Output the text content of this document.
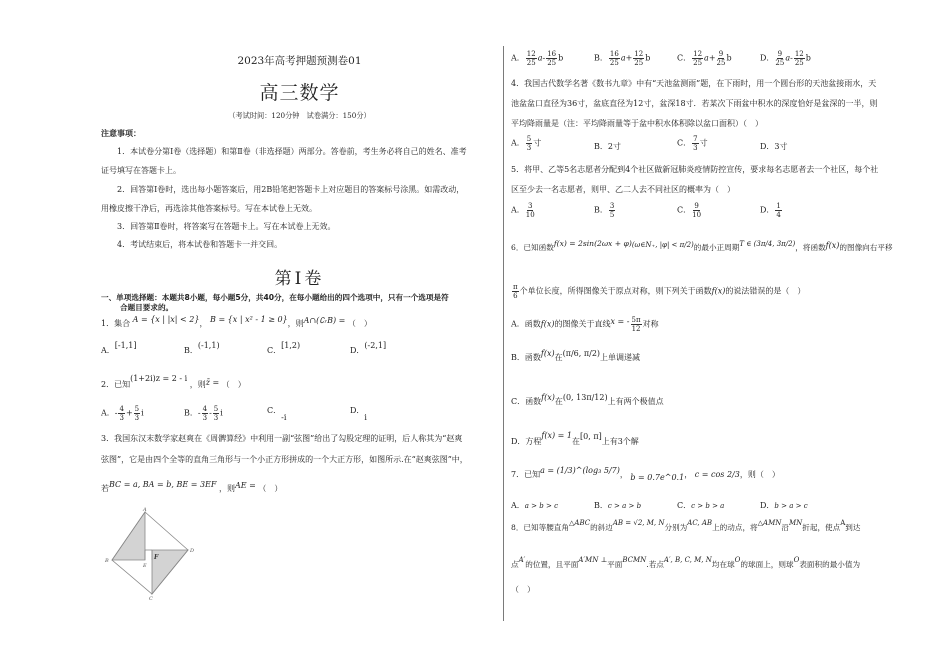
2023年高考押题预测卷01
高三数学
（考试时间：120分钟　试卷满分：150分）
注意事项：
1．本试卷分第Ⅰ卷（选择题）和第Ⅱ卷（非选择题）两部分。答卷前，考生务必将自己的姓名、准考
证号填写在答题卡上。
2．回答第Ⅰ卷时，选出每小题答案后，用2B铅笔把答题卡上对应题目的答案标号涂黑。如需改动，
用橡皮擦干净后，再选涂其他答案标号。写在本试卷上无效。
3．回答第Ⅱ卷时，将答案写在答题卡上。写在本试卷上无效。
4．考试结束后，将本试卷和答题卡一并交回。
第Ⅰ卷
一、单项选择题：本题共8小题，每小题5分，共40分，在每小题给出的四个选项中，只有一个选项是符
合题目要求的。
1．集合 A = {x | |x| < 2}， B = {x | x² - 1 ≥ 0}，则A∩(∁ᵣB) = （　）
A．[-1,1]
B．(-1,1)
C．[1,2)
D．(-2,1]
2．已知(1+2i)z = 2 - i ，则z̄ = （　）
A．- $\frac{4}{3} + \frac{5}{3}$ i	B．- $\frac{4}{3} - \frac{5}{3}$ i	C．-i
D．i
3．我国东汉末数学家赵爽在《周髀算经》中利用一副“弦图”给出了勾股定理的证明，后人称其为“赵爽
弦图”，它是由四个全等的直角三角形与一个小正方形拼成的一个大正方形，如图所示.在“赵爽弦图”中，
若BC = a, BA = b, BE = 3EF ，则AE = （　）
A
B
C
D
E
F
A． $\frac{12}{25} a- \frac{16}{25}$ b	B． $\frac{16}{25} a+ \frac{12}{25}$ b	C． $\frac{12}{25} a+ \frac{9}{25}$ b	D． $\frac{9}{25} a- \frac{12}{25}$ b
4．我国古代数学名著《数书九章》中有“天池盆测雨”题，在下雨时，用一个圆台形的天池盆接雨水，天
池盆盆口直径为36寸，盆底直径为12寸，盆深18寸．若某次下雨盆中积水的深度恰好是盆深的一半，则
平均降雨量是（注：平均降雨量等于盆中积水体积除以盆口面积）（　）
A． $\frac{5}{3}$ 寸	B．2寸	C． $\frac{7}{3}$ 寸	D．3寸
5．将甲、乙等5名志愿者分配到4个社区做新冠肺炎疫情防控宣传，要求每名志愿者去一个社区，每个社
区至少去一名志愿者，则甲、乙二人去不同社区的概率为（　）
A． $\frac{3}{10}$	B． $\frac{3}{5}$	C． $\frac{9}{10}$	D． $\frac{1}{4}$
6．已知函数f(x) = 2sin(2ωx + φ)(ω∈N₊, |φ| < π/2)的最小正周期T ∈ (3π/4, 3π/2)，将函数f(x)的图像向右平移
$\frac{\pi}{6}$ 个单位长度，所得图像关于原点对称，则下列关于函数f(x)的说法错误的是（　）
A．函数f(x)的图像关于直线x = - $\frac{5\pi}{12}$ 对称
B．函数f(x)在(π/6, π/2)上单调递减
C．函数f(x)在(0, 13π/12)上有两个极值点
D．方程f(x) = 1在[0, π]上有3个解
7．已知a = (1/3)^(log₃ 5/7)， b = 0.7e^0.1， c = cos 2/3，则（　）
A．a > b > c	B．c > a > b	C．c > b > a	D．b > a > c
8．已知等腰直角△ABC的斜边AB = √2, M, N分别为AC, AB上的动点，将△AMN沿MN折起，使点A到达
点A′的位置，且平面A′MN ⊥平面BCMN.若点A′, B, C, M, N均在球O的球面上，则球O表面积的最小值为
（　）
